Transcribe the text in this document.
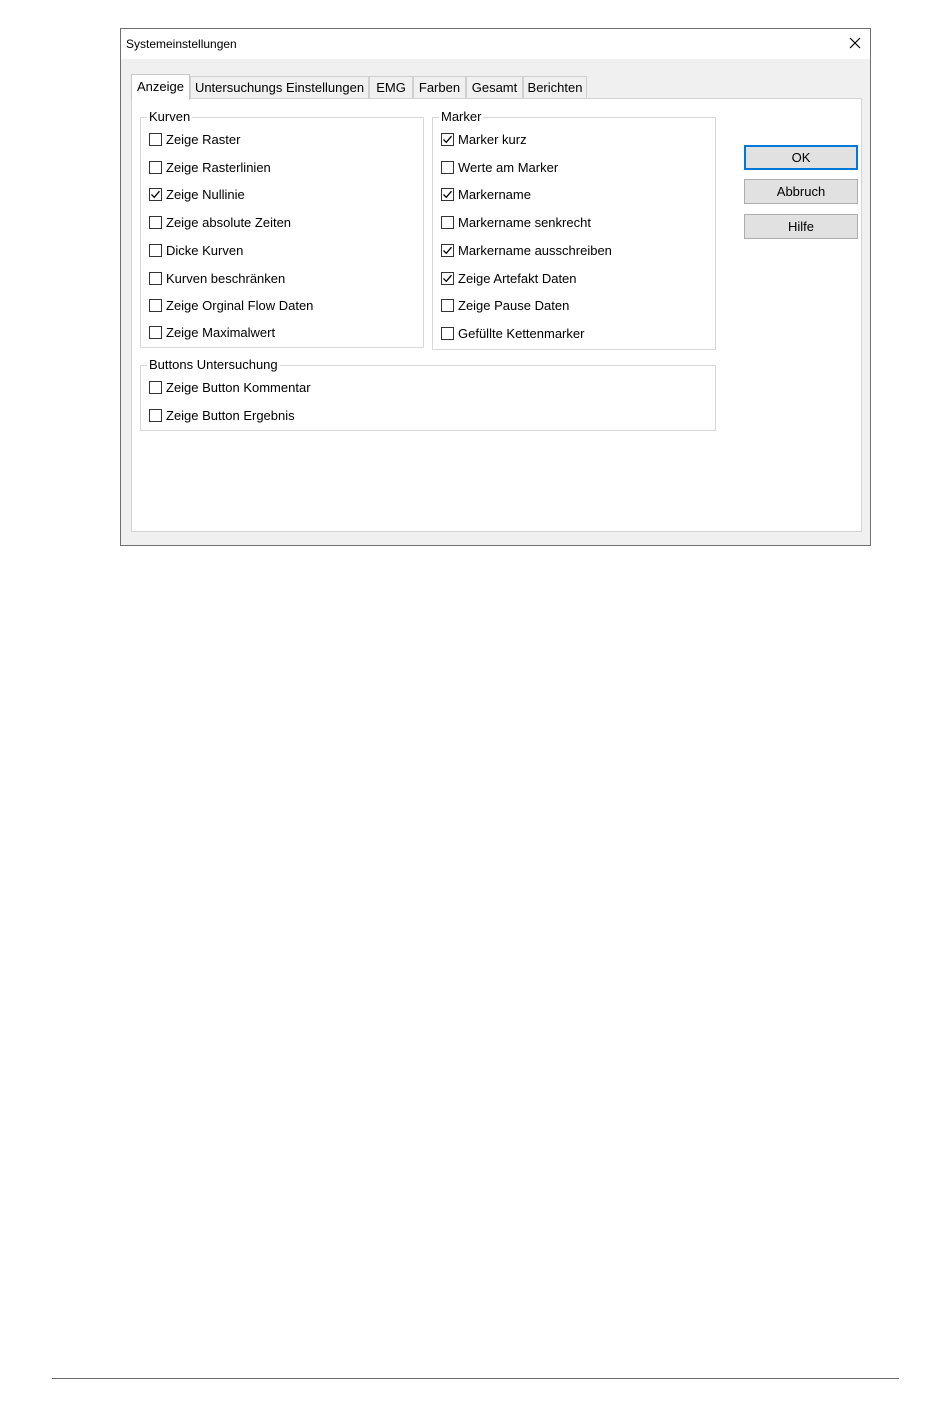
Systemeinstellungen
Anzeige Untersuchungs Einstellungen EMG	Farben Gesamt Berichten
Kurven
Zeige Raster
Zeige Rasterlinien
Zeige Nullinie
Zeige absolute Zeiten
Dicke Kurven
Kurven beschränken
Zeige Orginal Flow Daten
Zeige Maximalwert
Marker
Marker kurz
Werte am Marker
Markername
Markername senkrecht
Markername ausschreiben
Zeige Artefakt Daten
Zeige Pause Daten
Gefüllte Kettenmarker
Buttons Untersuchung
Zeige Button Kommentar
Zeige Button Ergebnis
OK
Abbruch
Hilfe
